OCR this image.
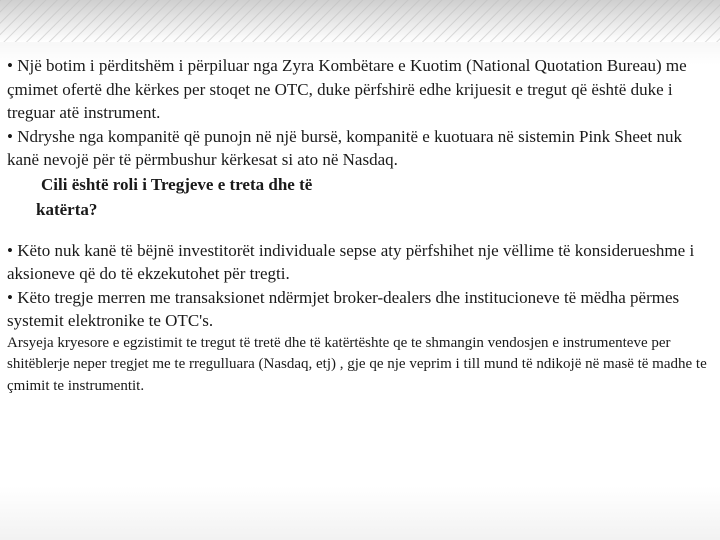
• Një botim i përditshëm i përpiluar nga Zyra Kombëtare e Kuotim (National Quotation Bureau) me çmimet ofertë dhe kërkes per stoqet ne OTC, duke përfshirë edhe krijuesit e tregut që është duke i treguar atë instrument.

• Ndryshe nga kompanitë që punojn në një bursë, kompanitë e kuotuara në sistemin Pink Sheet nuk kanë nevojë për të përmbushur kërkesat si ato në Nasdaq.

Cili është roli i Tregjeve e treta dhe të
katërta?

• Këto nuk kanë të bëjnë investitorët individuale sepse aty përfshihet nje vëllime të konsiderueshme i aksioneve që do të ekzekutohet për tregti.

• Këto tregje merren me transaksionet ndërmjet broker-dealers dhe institucioneve të mëdha përmes systemit elektronike te OTC's.

Arsyeja kryesore e egzistimit te tregut të tretë dhe të katërtështe qe te shmangin vendosjen e instrumenteve per shitëblerje neper tregjet me te rregulluara (Nasdaq, etj) , gje qe nje veprim i till mund të ndikojë në masë të madhe te çmimit te instrumentit.
